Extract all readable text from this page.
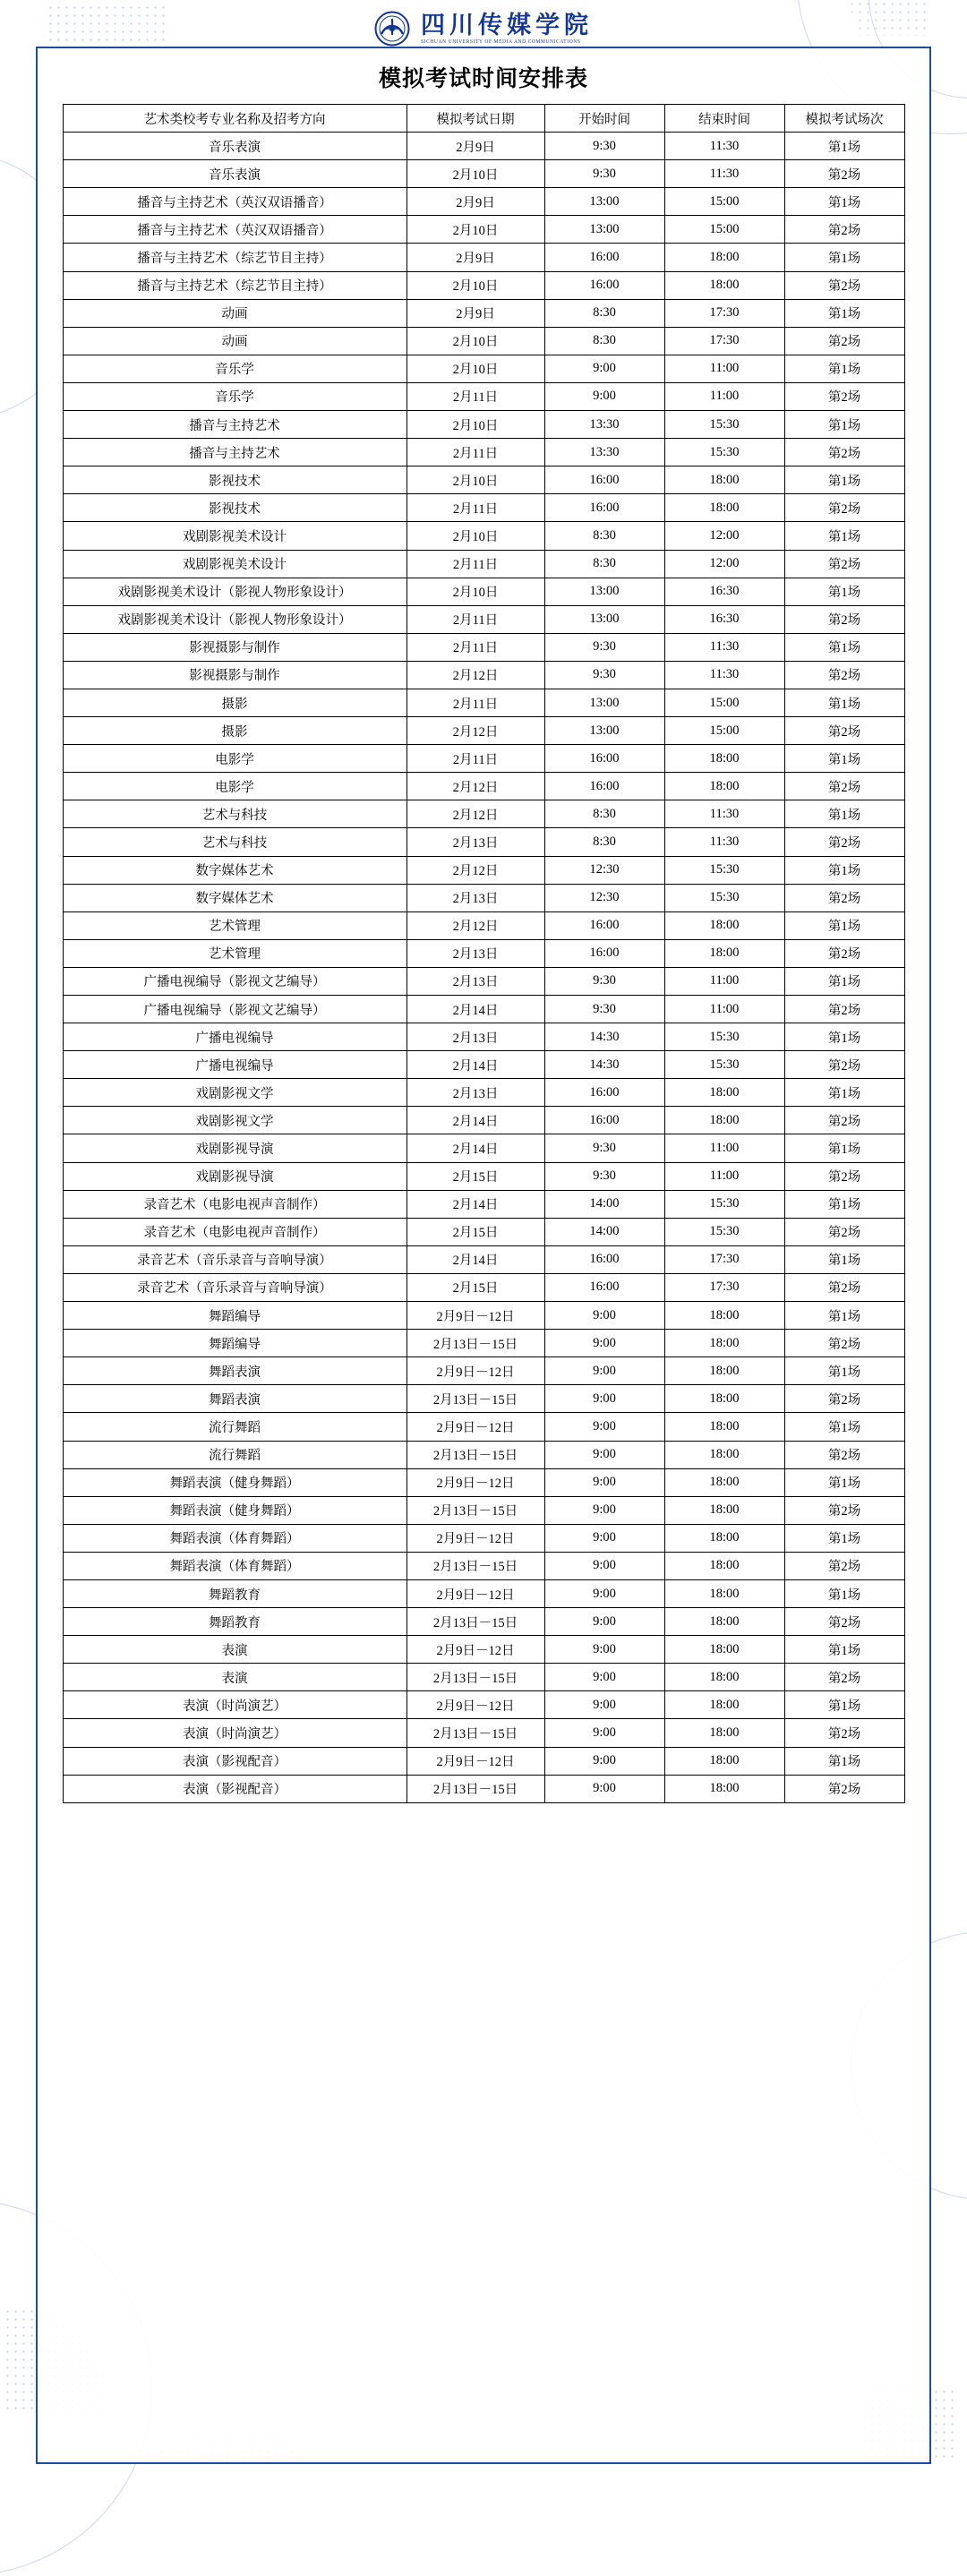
四川传媒学院
SICHUAN UNIVERSITY OF MEDIA AND COMMUNICATIONS
模拟考试时间安排表
艺术类校考专业名称及招考方向	模拟考试日期	开始时间	结束时间	模拟考试场次
音乐表演	2月9日	9:30	11:30	第1场
音乐表演	2月10日	9:30	11:30	第2场
播音与主持艺术（英汉双语播音）	2月9日	13:00	15:00	第1场
播音与主持艺术（英汉双语播音）	2月10日	13:00	15:00	第2场
播音与主持艺术（综艺节目主持）	2月9日	16:00	18:00	第1场
播音与主持艺术（综艺节目主持）	2月10日	16:00	18:00	第2场
动画	2月9日	8:30	17:30	第1场
动画	2月10日	8:30	17:30	第2场
音乐学	2月10日	9:00	11:00	第1场
音乐学	2月11日	9:00	11:00	第2场
播音与主持艺术	2月10日	13:30	15:30	第1场
播音与主持艺术	2月11日	13:30	15:30	第2场
影视技术	2月10日	16:00	18:00	第1场
影视技术	2月11日	16:00	18:00	第2场
戏剧影视美术设计	2月10日	8:30	12:00	第1场
戏剧影视美术设计	2月11日	8:30	12:00	第2场
戏剧影视美术设计（影视人物形象设计）	2月10日	13:00	16:30	第1场
戏剧影视美术设计（影视人物形象设计）	2月11日	13:00	16:30	第2场
影视摄影与制作	2月11日	9:30	11:30	第1场
影视摄影与制作	2月12日	9:30	11:30	第2场
摄影	2月11日	13:00	15:00	第1场
摄影	2月12日	13:00	15:00	第2场
电影学	2月11日	16:00	18:00	第1场
电影学	2月12日	16:00	18:00	第2场
艺术与科技	2月12日	8:30	11:30	第1场
艺术与科技	2月13日	8:30	11:30	第2场
数字媒体艺术	2月12日	12:30	15:30	第1场
数字媒体艺术	2月13日	12:30	15:30	第2场
艺术管理	2月12日	16:00	18:00	第1场
艺术管理	2月13日	16:00	18:00	第2场
广播电视编导（影视文艺编导）	2月13日	9:30	11:00	第1场
广播电视编导（影视文艺编导）	2月14日	9:30	11:00	第2场
广播电视编导	2月13日	14:30	15:30	第1场
广播电视编导	2月14日	14:30	15:30	第2场
戏剧影视文学	2月13日	16:00	18:00	第1场
戏剧影视文学	2月14日	16:00	18:00	第2场
戏剧影视导演	2月14日	9:30	11:00	第1场
戏剧影视导演	2月15日	9:30	11:00	第2场
录音艺术（电影电视声音制作）	2月14日	14:00	15:30	第1场
录音艺术（电影电视声音制作）	2月15日	14:00	15:30	第2场
录音艺术（音乐录音与音响导演）	2月14日	16:00	17:30	第1场
录音艺术（音乐录音与音响导演）	2月15日	16:00	17:30	第2场
舞蹈编导	2月9日－12日	9:00	18:00	第1场
舞蹈编导	2月13日－15日	9:00	18:00	第2场
舞蹈表演	2月9日－12日	9:00	18:00	第1场
舞蹈表演	2月13日－15日	9:00	18:00	第2场
流行舞蹈	2月9日－12日	9:00	18:00	第1场
流行舞蹈	2月13日－15日	9:00	18:00	第2场
舞蹈表演（健身舞蹈）	2月9日－12日	9:00	18:00	第1场
舞蹈表演（健身舞蹈）	2月13日－15日	9:00	18:00	第2场
舞蹈表演（体育舞蹈）	2月9日－12日	9:00	18:00	第1场
舞蹈表演（体育舞蹈）	2月13日－15日	9:00	18:00	第2场
舞蹈教育	2月9日－12日	9:00	18:00	第1场
舞蹈教育	2月13日－15日	9:00	18:00	第2场
表演	2月9日－12日	9:00	18:00	第1场
表演	2月13日－15日	9:00	18:00	第2场
表演（时尚演艺）	2月9日－12日	9:00	18:00	第1场
表演（时尚演艺）	2月13日－15日	9:00	18:00	第2场
表演（影视配音）	2月9日－12日	9:00	18:00	第1场
表演（影视配音）	2月13日－15日	9:00	18:00	第2场
